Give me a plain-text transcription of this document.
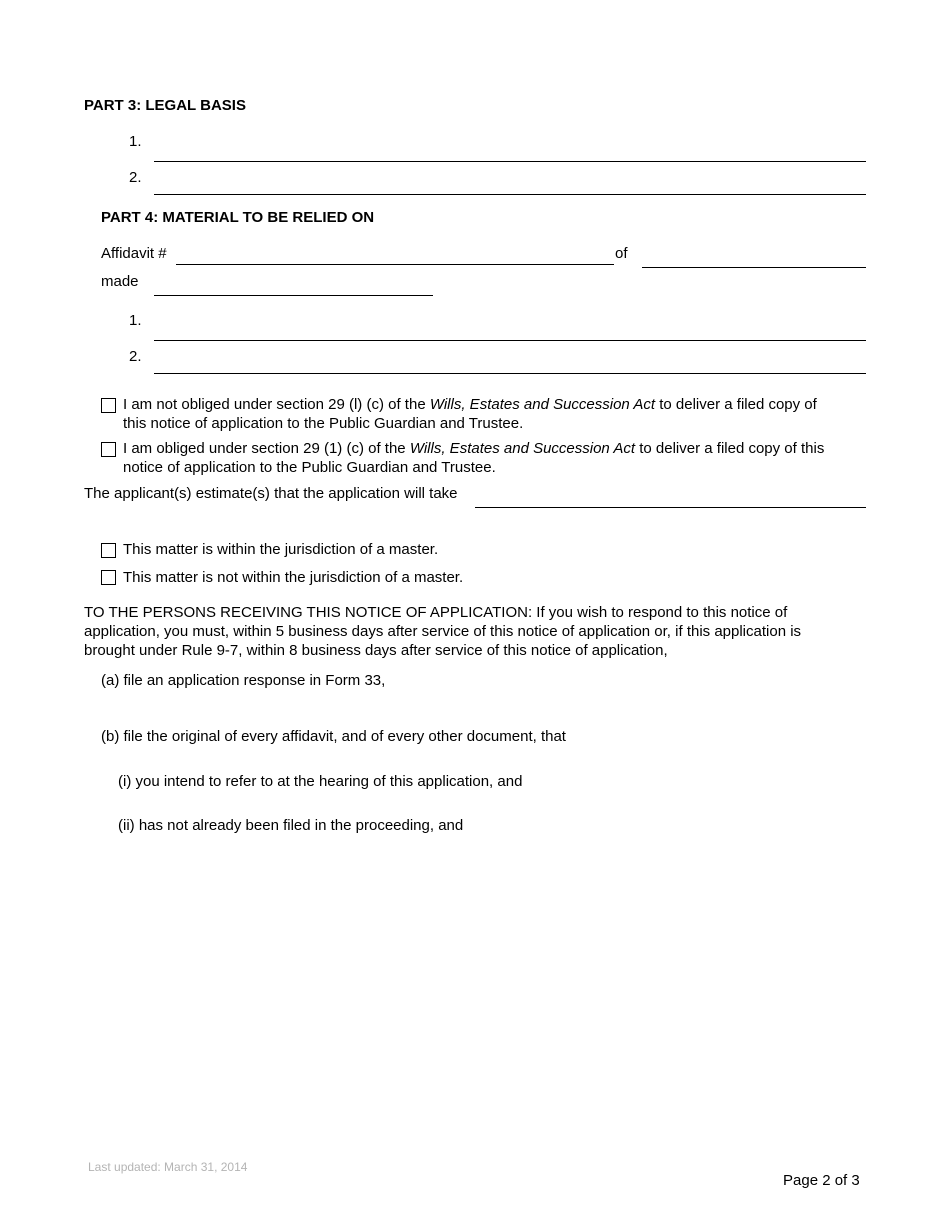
PART 3: LEGAL BASIS
1.
2.
PART 4: MATERIAL TO BE RELIED ON
Affidavit #	of
made
1.
2.
I am not obliged under section 29 (l) (c) of the Wills, Estates and Succession Act to deliver a filed copy of
this notice of application to the Public Guardian and Trustee.
I am obliged under section 29 (1) (c) of the Wills, Estates and Succession Act to deliver a filed copy of this
notice of application to the Public Guardian and Trustee.
The applicant(s) estimate(s) that the application will take
This matter is within the jurisdiction of a master.
This matter is not within the jurisdiction of a master.
TO THE PERSONS RECEIVING THIS NOTICE OF APPLICATION: If you wish to respond to this notice of
application, you must, within 5 business days after service of this notice of application or, if this application is
brought under Rule 9-7, within 8 business days after service of this notice of application,
(a) file an application response in Form 33,
(b) file the original of every affidavit, and of every other document, that
(i) you intend to refer to at the hearing of this application, and
(ii) has not already been filed in the proceeding, and
Last updated: March 31, 2014
Page 2 of 3
